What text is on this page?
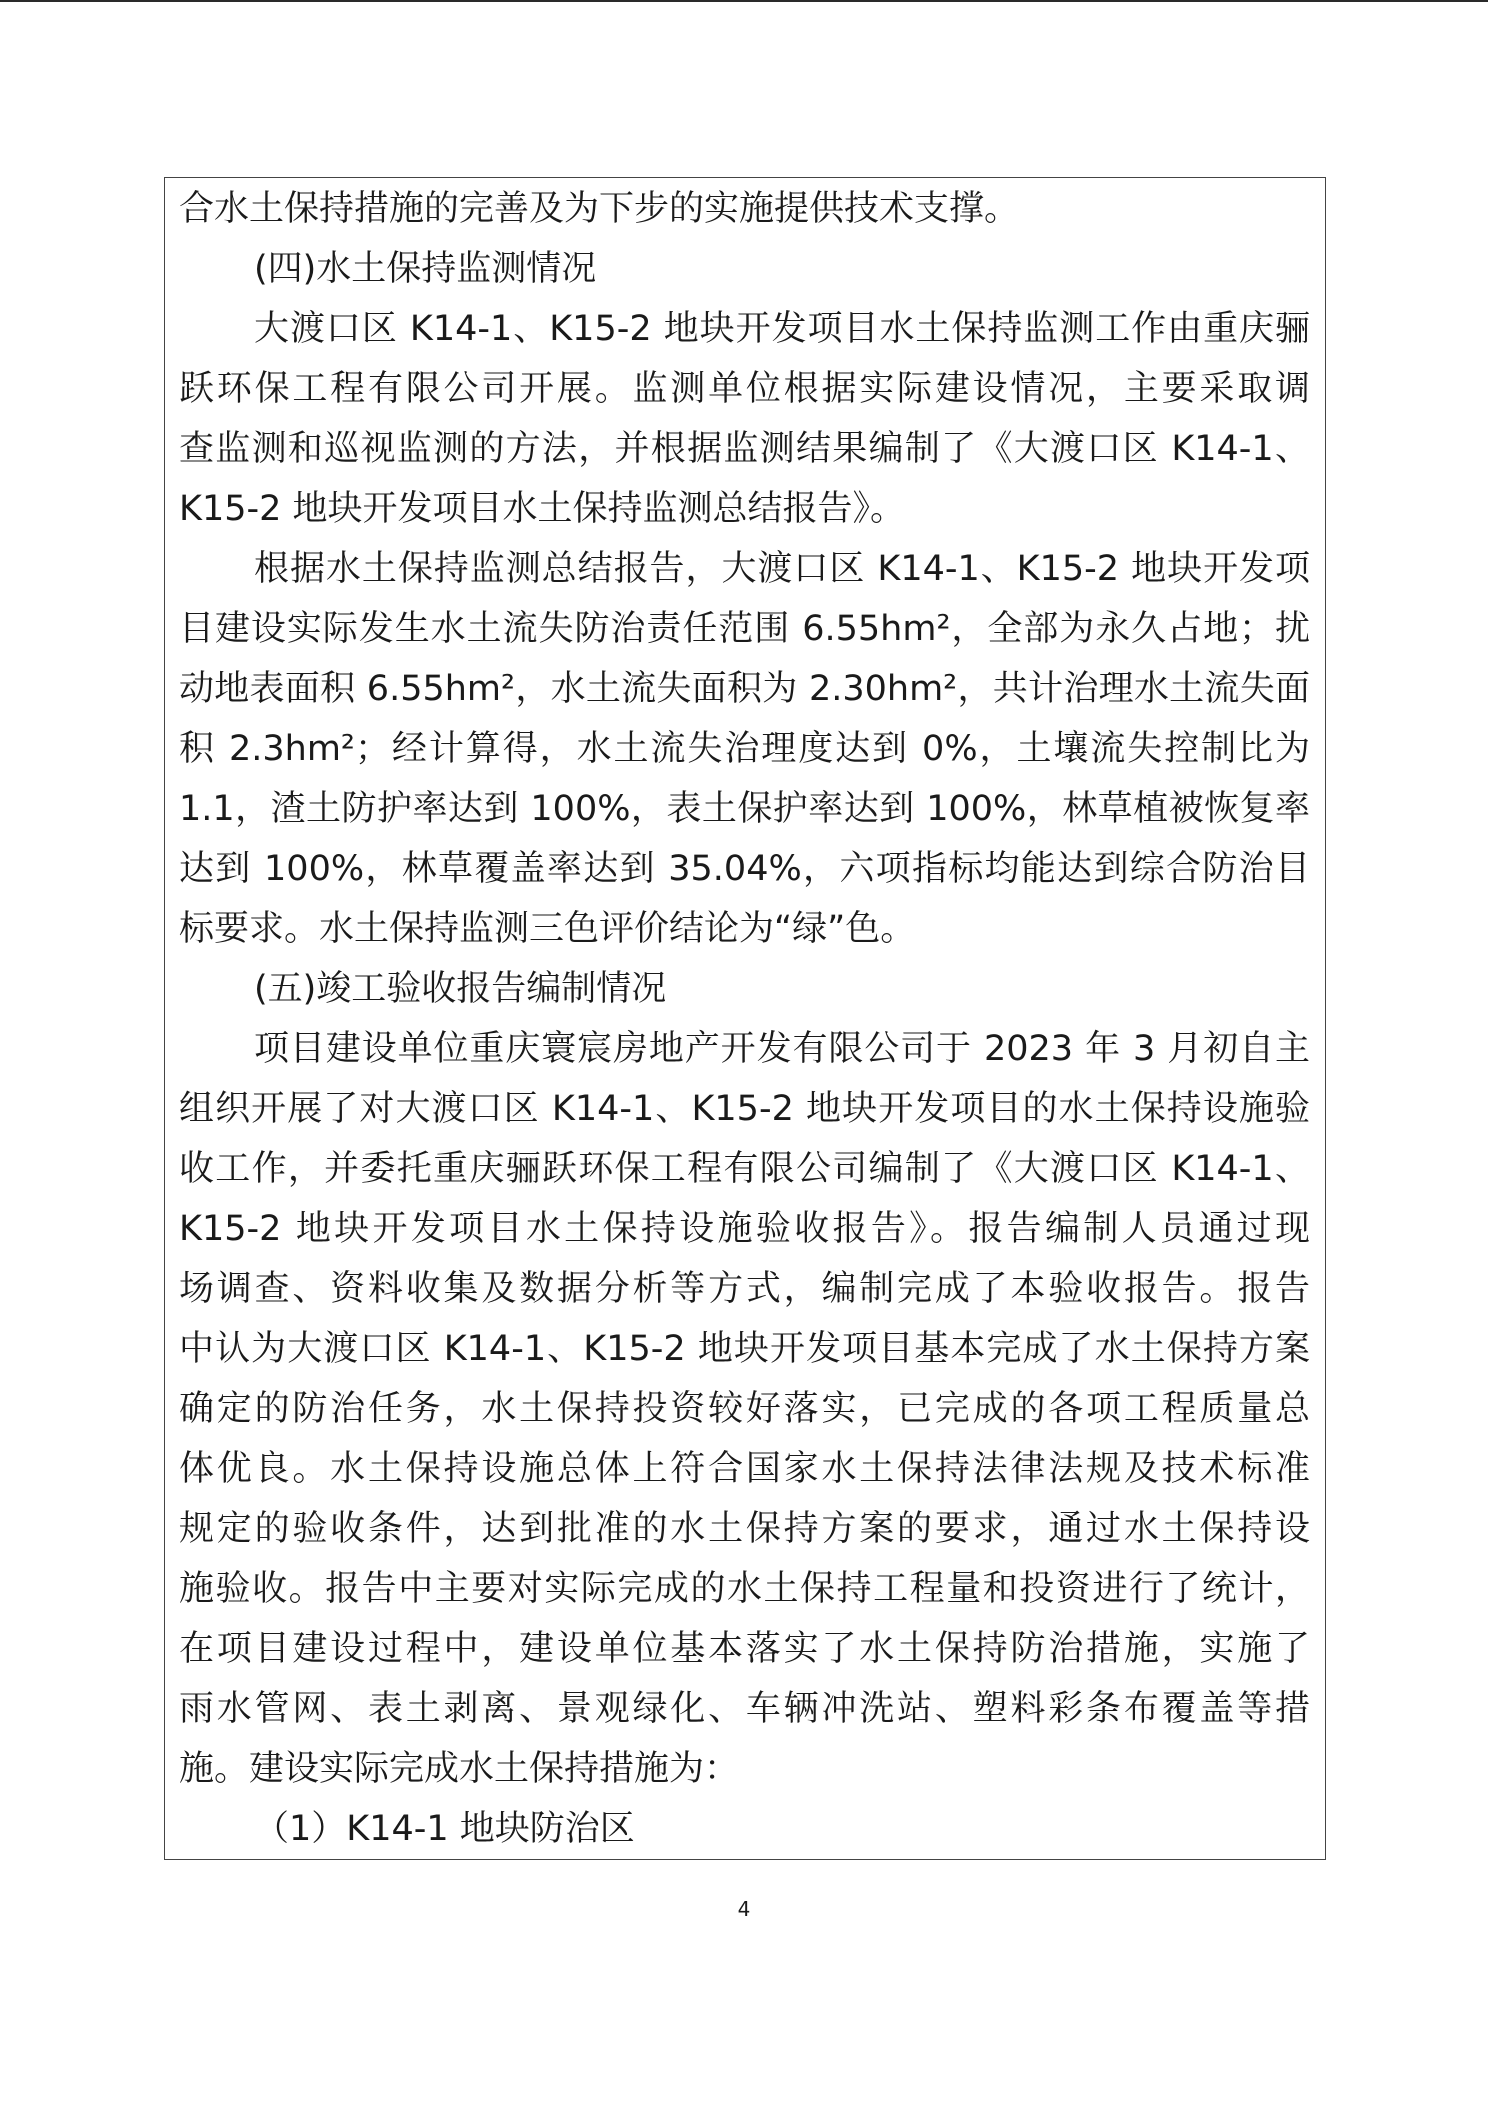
合水土保持措施的完善及为下步的实施提供技术支撑。
(四)水土保持监测情况
大渡口区 K14-1、K15-2 地块开发项目水土保持监测工作由重庆骊
跃环保工程有限公司开展。监测单位根据实际建设情况，主要采取调
查监测和巡视监测的方法，并根据监测结果编制了《大渡口区 K14-1、
K15-2 地块开发项目水土保持监测总结报告》。
根据水土保持监测总结报告，大渡口区 K14-1、K15-2 地块开发项
目建设实际发生水土流失防治责任范围 6.55hm²，全部为永久占地；扰
动地表面积 6.55hm²，水土流失面积为 2.30hm²，共计治理水土流失面
积 2.3hm²；经计算得，水土流失治理度达到 0%，土壤流失控制比为
1.1，渣土防护率达到 100%，表土保护率达到 100%，林草植被恢复率
达到 100%，林草覆盖率达到 35.04%，六项指标均能达到综合防治目
标要求。水土保持监测三色评价结论为“绿”色。
(五)竣工验收报告编制情况
项目建设单位重庆寰宸房地产开发有限公司于 2023 年 3 月初自主
组织开展了对大渡口区 K14-1、K15-2 地块开发项目的水土保持设施验
收工作，并委托重庆骊跃环保工程有限公司编制了《大渡口区 K14-1、
K15-2 地块开发项目水土保持设施验收报告》。报告编制人员通过现
场调查、资料收集及数据分析等方式，编制完成了本验收报告。报告
中认为大渡口区 K14-1、K15-2 地块开发项目基本完成了水土保持方案
确定的防治任务，水土保持投资较好落实，已完成的各项工程质量总
体优良。水土保持设施总体上符合国家水土保持法律法规及技术标准
规定的验收条件，达到批准的水土保持方案的要求，通过水土保持设
施验收。报告中主要对实际完成的水土保持工程量和投资进行了统计，
在项目建设过程中，建设单位基本落实了水土保持防治措施，实施了
雨水管网、表土剥离、景观绿化、车辆冲洗站、塑料彩条布覆盖等措
施。建设实际完成水土保持措施为：
（1）K14-1 地块防治区
4
